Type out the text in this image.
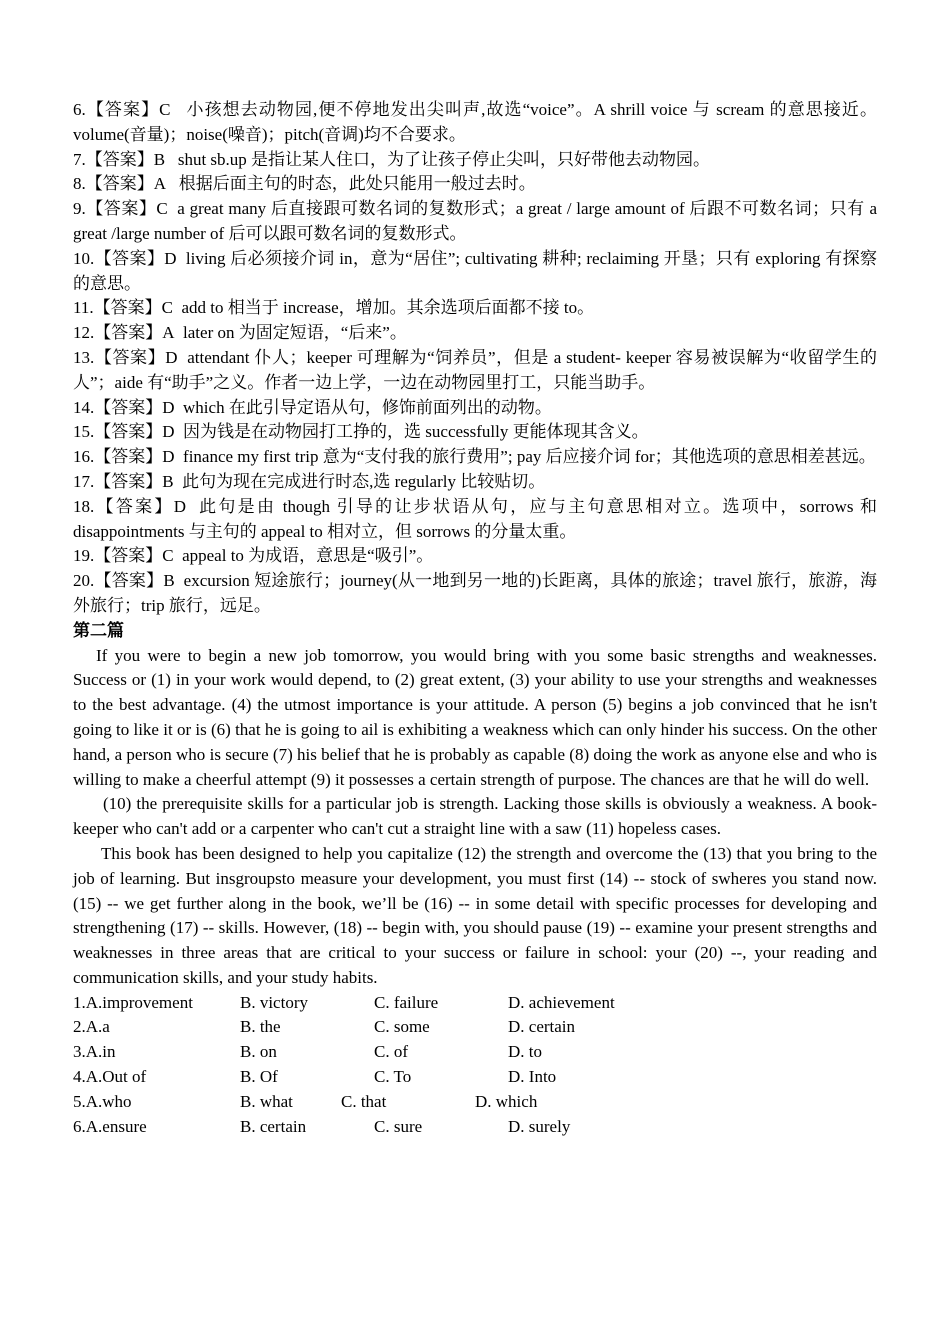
6.【答案】C 小孩想去动物园,便不停地发出尖叫声,故选“voice”。A shrill voice 与 scream 的意思接近。volume(音量)；noise(噪音)；pitch(音调)均不合要求。

7.【答案】B shut sb.up 是指让某人住口，为了让孩子停止尖叫，只好带他去动物园。

8.【答案】A 根据后面主句的时态，此处只能用一般过去时。

9.【答案】C a great many 后直接跟可数名词的复数形式；a great / large amount of 后跟不可数名词；只有 a great /large number of 后可以跟可数名词的复数形式。

10.【答案】D living 后必须接介词 in，意为“居住”; cultivating 耕种; reclaiming 开垦；只有 exploring 有探察的意思。

11.【答案】C add to 相当于 increase，增加。其余选项后面都不接 to。

12.【答案】A later on 为固定短语，“后来”。

13.【答案】D attendant 仆人；keeper 可理解为“饲养员”，但是 a student- keeper 容易被误解为“收留学生的人”；aide 有“助手”之义。作者一边上学，一边在动物园里打工，只能当助手。

14.【答案】D which 在此引导定语从句，修饰前面列出的动物。

15.【答案】D 因为钱是在动物园打工挣的，选 successfully 更能体现其含义。

16.【答案】D finance my first trip 意为“支付我的旅行费用”; pay 后应接介词 for；其他选项的意思相差甚远。

17.【答案】B 此句为现在完成进行时态,选 regularly 比较贴切。

18.【答案】D 此句是由 though 引导的让步状语从句，应与主句意思相对立。选项中，sorrows 和 disappointments 与主句的 appeal to 相对立，但 sorrows 的分量太重。

19.【答案】C appeal to 为成语，意思是“吸引”。

20.【答案】B excursion 短途旅行；journey(从一地到另一地的)长距离，具体的旅途；travel 旅行，旅游，海外旅行；trip 旅行，远足。

第二篇

If you were to begin a new job tomorrow, you would bring with you some basic strengths and weaknesses. Success or (1) in your work would depend, to (2) great extent, (3) your ability to use your strengths and weaknesses to the best advantage. (4) the utmost importance is your attitude. A person (5) begins a job convinced that he isn't going to like it or is (6) that he is going to ail is exhibiting a weakness which can only hinder his success. On the other hand, a person who is secure (7) his belief that he is probably as capable (8) doing the work as anyone else and who is willing to make a cheerful attempt (9) it possesses a certain strength of purpose. The chances are that he will do well.

(10) the prerequisite skills for a particular job is strength. Lacking those skills is obviously a weakness. A book-keeper who can't add or a carpenter who can't cut a straight line with a saw (11) hopeless cases.

This book has been designed to help you capitalize (12) the strength and overcome the (13) that you bring to the job of learning. But insgroupsto measure your development, you must first (14) -- stock of swheres you stand now. (15) -- we get further along in the book, we’ll be (16) -- in some detail with specific processes for developing and strengthening (17) -- skills. However, (18) -- begin with, you should pause (19) -- examine your present strengths and weaknesses in three areas that are critical to your success or failure in school: your (20) --, your reading and communication skills, and your study habits.

1.A.improvement	B. victory	C. failure	D. achievement
2.A.a	B. the	C. some	D. certain
3.A.in	B. on	C. of	D. to
4.A.Out of	B. Of	C. To	D. Into
5.A.who	B. what	C. that	D. which
6.A.ensure	B. certain	C. sure	D. surely
